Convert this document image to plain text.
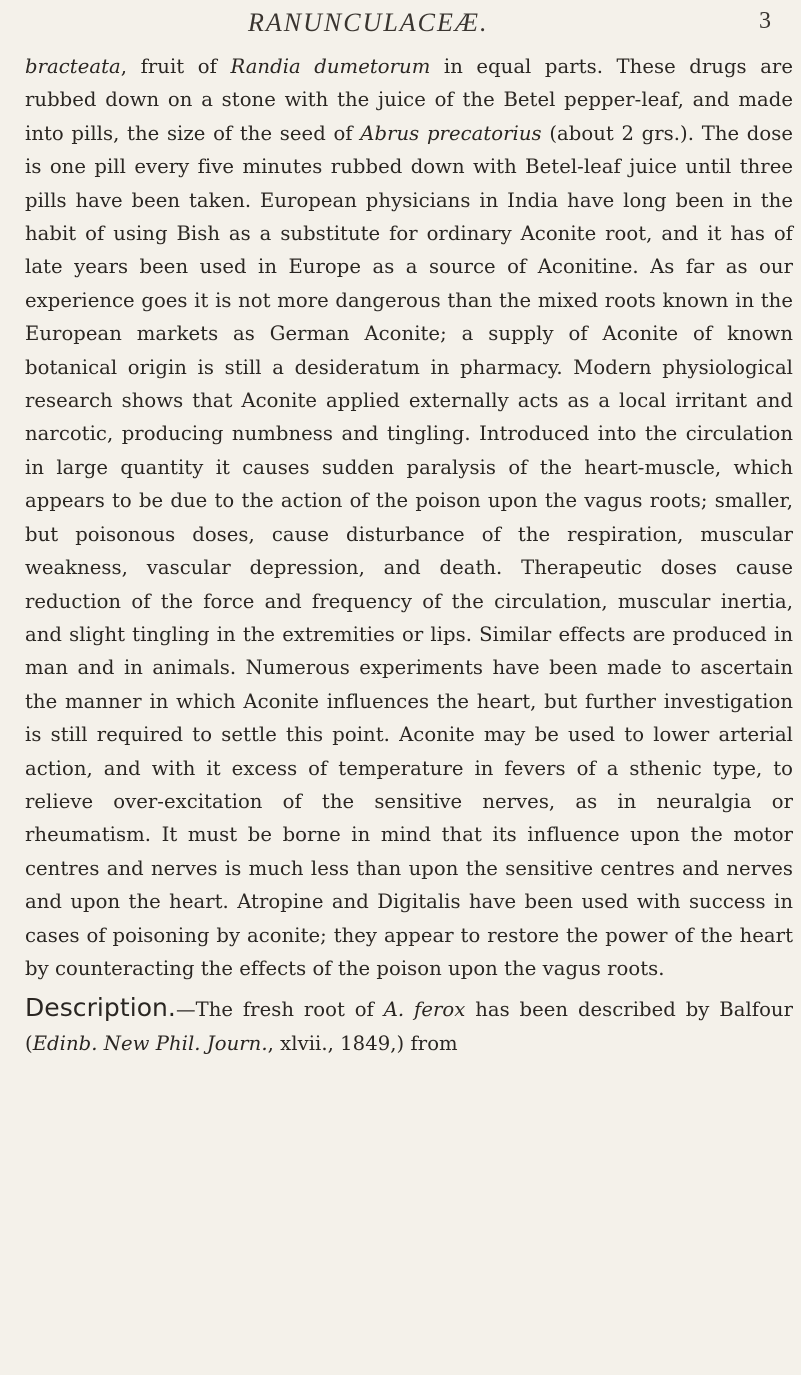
RANUNCULACEÆ.	3

bracteata, fruit of Randia dumetorum in equal parts. These drugs are rubbed down on a stone with the juice of the Betel pepper-leaf, and made into pills, the size of the seed of Abrus precatorius (about 2 grs.). The dose is one pill every five minutes rubbed down with Betel-leaf juice until three pills have been taken. European physicians in India have long been in the habit of using Bish as a substitute for ordinary Aconite root, and it has of late years been used in Europe as a source of Aconitine. As far as our experience goes it is not more dangerous than the mixed roots known in the European markets as German Aconite; a supply of Aconite of known botanical origin is still a desideratum in pharmacy. Modern physiological research shows that Aconite applied externally acts as a local irritant and narcotic, producing numbness and tingling. Introduced into the circulation in large quantity it causes sudden paralysis of the heart-muscle, which appears to be due to the action of the poison upon the vagus roots; smaller, but poisonous doses, cause disturbance of the respiration, muscular weakness, vascular depression, and death. Therapeutic doses cause reduction of the force and frequency of the circulation, muscular inertia, and slight tingling in the extremities or lips. Similar effects are produced in man and in animals. Numerous experiments have been made to ascertain the manner in which Aconite influences the heart, but further investigation is still required to settle this point. Aconite may be used to lower arterial action, and with it excess of temperature in fevers of a sthenic type, to relieve over-excitation of the sensitive nerves, as in neuralgia or rheumatism. It must be borne in mind that its influence upon the motor centres and nerves is much less than upon the sensitive centres and nerves and upon the heart. Atropine and Digitalis have been used with success in cases of poisoning by aconite; they appear to restore the power of the heart by counteracting the effects of the poison upon the vagus roots.

Description.—The fresh root of A. ferox has been described by Balfour (Edinb. New Phil. Journ., xlvii., 1849,) from
